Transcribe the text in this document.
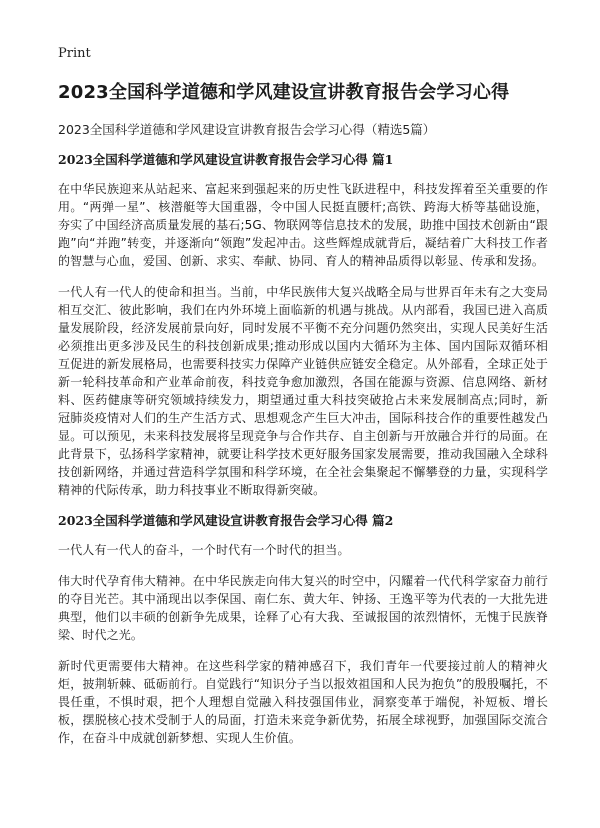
Print
2023全国科学道德和学风建设宣讲教育报告会学习心得
2023全国科学道德和学风建设宣讲教育报告会学习心得（精选5篇）
2023全国科学道德和学风建设宣讲教育报告会学习心得 篇1

在中华民族迎来从站起来、富起来到强起来的历史性飞跃进程中，科技发挥着至关重要的作用。“两弹一星”、核潜艇等大国重器，令中国人民挺直腰杆;高铁、跨海大桥等基础设施，夯实了中国经济高质量发展的基石;5G、物联网等信息技术的发展，助推中国技术创新由“跟跑”向“并跑”转变，并逐渐向“领跑”发起冲击。这些辉煌成就背后，凝结着广大科技工作者的智慧与心血，爱国、创新、求实、奉献、协同、育人的精神品质得以彰显、传承和发扬。

一代人有一代人的使命和担当。当前，中华民族伟大复兴战略全局与世界百年未有之大变局相互交汇、彼此影响，我们在内外环境上面临新的机遇与挑战。从内部看，我国已进入高质量发展阶段，经济发展前景向好，同时发展不平衡不充分问题仍然突出，实现人民美好生活必须推出更多涉及民生的科技创新成果;推动形成以国内大循环为主体、国内国际双循环相互促进的新发展格局，也需要科技实力保障产业链供应链安全稳定。从外部看，全球正处于新一轮科技革命和产业革命前夜，科技竞争愈加激烈，各国在能源与资源、信息网络、新材料、医药健康等研究领域持续发力，期望通过重大科技突破抢占未来发展制高点;同时，新冠肺炎疫情对人们的生产生活方式、思想观念产生巨大冲击，国际科技合作的重要性越发凸显。可以预见，未来科技发展将呈现竞争与合作共存、自主创新与开放融合并行的局面。在此背景下，弘扬科学家精神，就要让科学技术更好服务国家发展需要，推动我国融入全球科技创新网络，并通过营造科学氛围和科学环境，在全社会集聚起不懈攀登的力量，实现科学精神的代际传承，助力科技事业不断取得新突破。

2023全国科学道德和学风建设宣讲教育报告会学习心得 篇2

一代人有一代人的奋斗，一个时代有一个时代的担当。

伟大时代孕育伟大精神。在中华民族走向伟大复兴的时空中，闪耀着一代代科学家奋力前行的夺目光芒。其中涌现出以李保国、南仁东、黄大年、钟扬、王逸平等为代表的一大批先进典型，他们以丰硕的创新争先成果，诠释了心有大我、至诚报国的浓烈情怀，无愧于民族脊梁、时代之光。

新时代更需要伟大精神。在这些科学家的精神感召下，我们青年一代要接过前人的精神火炬，披荆斩棘、砥砺前行。自觉践行“知识分子当以报效祖国和人民为抱负”的殷殷嘱托，不畏任重，不惧时艰，把个人理想自觉融入科技强国伟业，洞察变革于端倪，补短板、增长板，摆脱核心技术受制于人的局面，打造未来竞争新优势，拓展全球视野，加强国际交流合作，在奋斗中成就创新梦想、实现人生价值。
